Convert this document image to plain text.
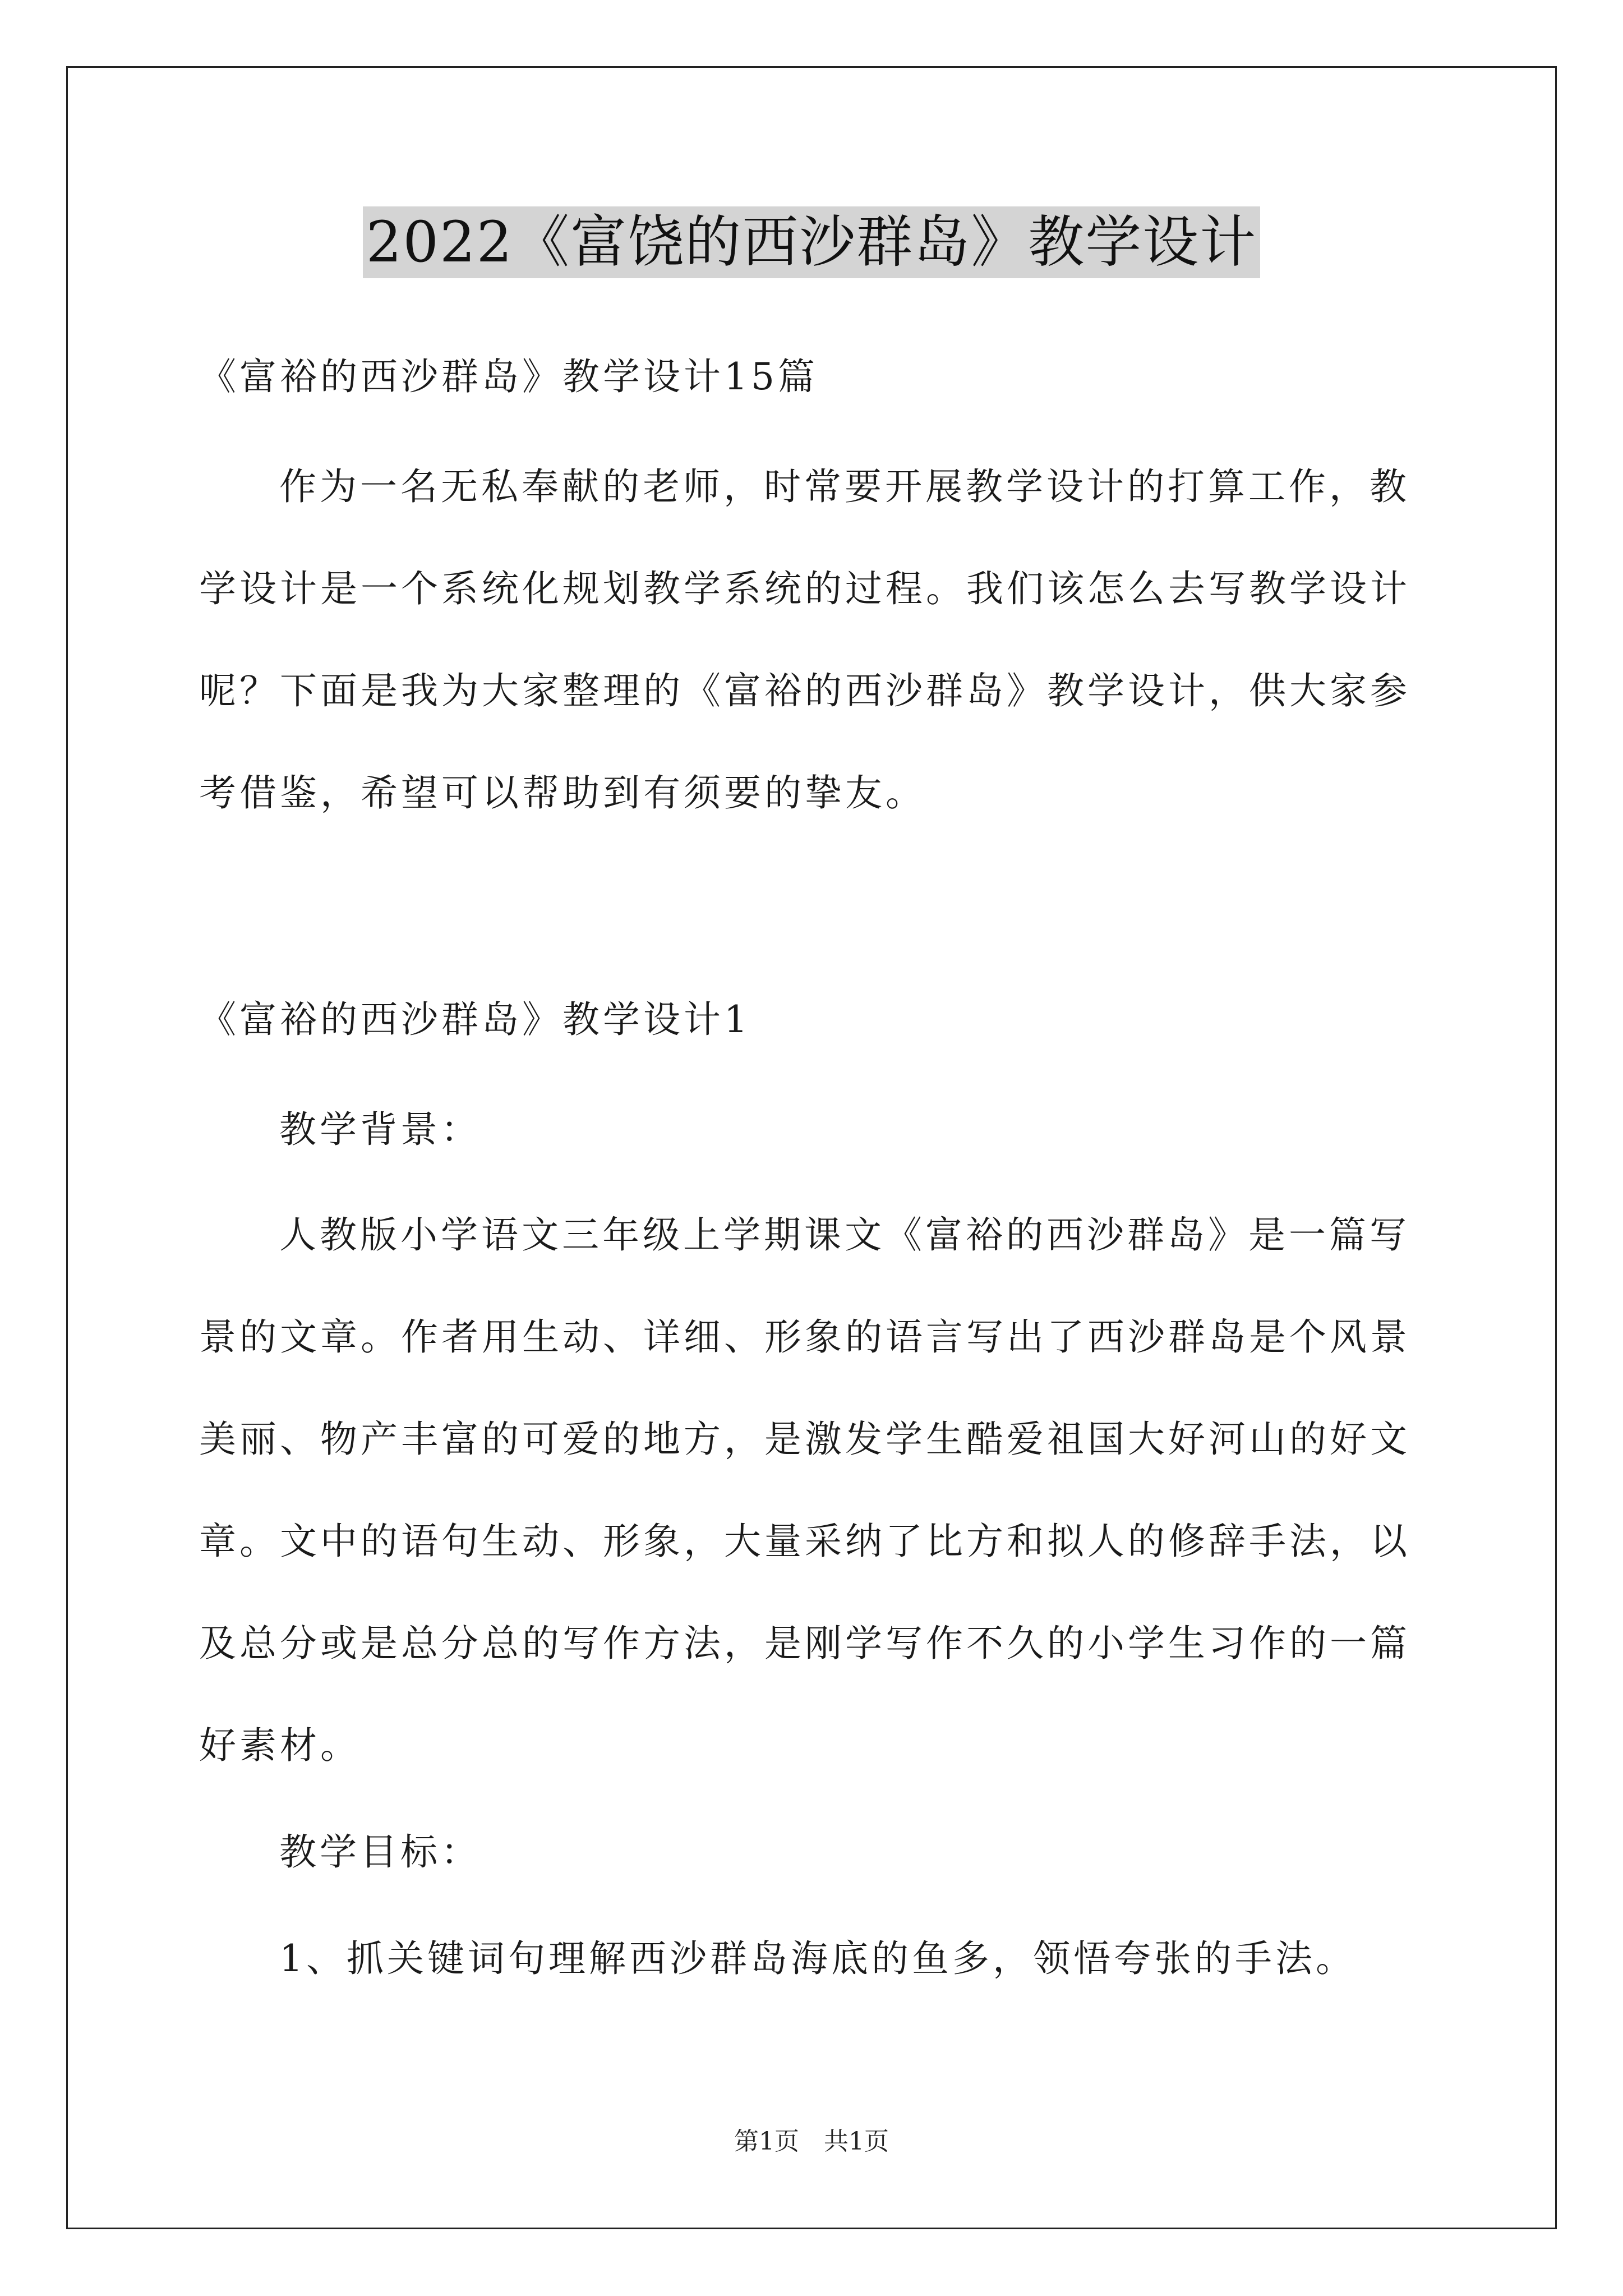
2022《富饶的西沙群岛》教学设计
《富裕的西沙群岛》教学设计15篇
作为一名无私奉献的老师，时常要开展教学设计的打算工作，教
学设计是一个系统化规划教学系统的过程。我们该怎么去写教学设计
呢？下面是我为大家整理的《富裕的西沙群岛》教学设计，供大家参
考借鉴，希望可以帮助到有须要的挚友。
《富裕的西沙群岛》教学设计1
教学背景：
人教版小学语文三年级上学期课文《富裕的西沙群岛》是一篇写
景的文章。作者用生动、详细、形象的语言写出了西沙群岛是个风景
美丽、物产丰富的可爱的地方，是激发学生酷爱祖国大好河山的好文
章。文中的语句生动、形象，大量采纳了比方和拟人的修辞手法，以
及总分或是总分总的写作方法，是刚学写作不久的小学生习作的一篇
好素材。
教学目标：
1、抓关键词句理解西沙群岛海底的鱼多，领悟夸张的手法。
第1页　共1页
